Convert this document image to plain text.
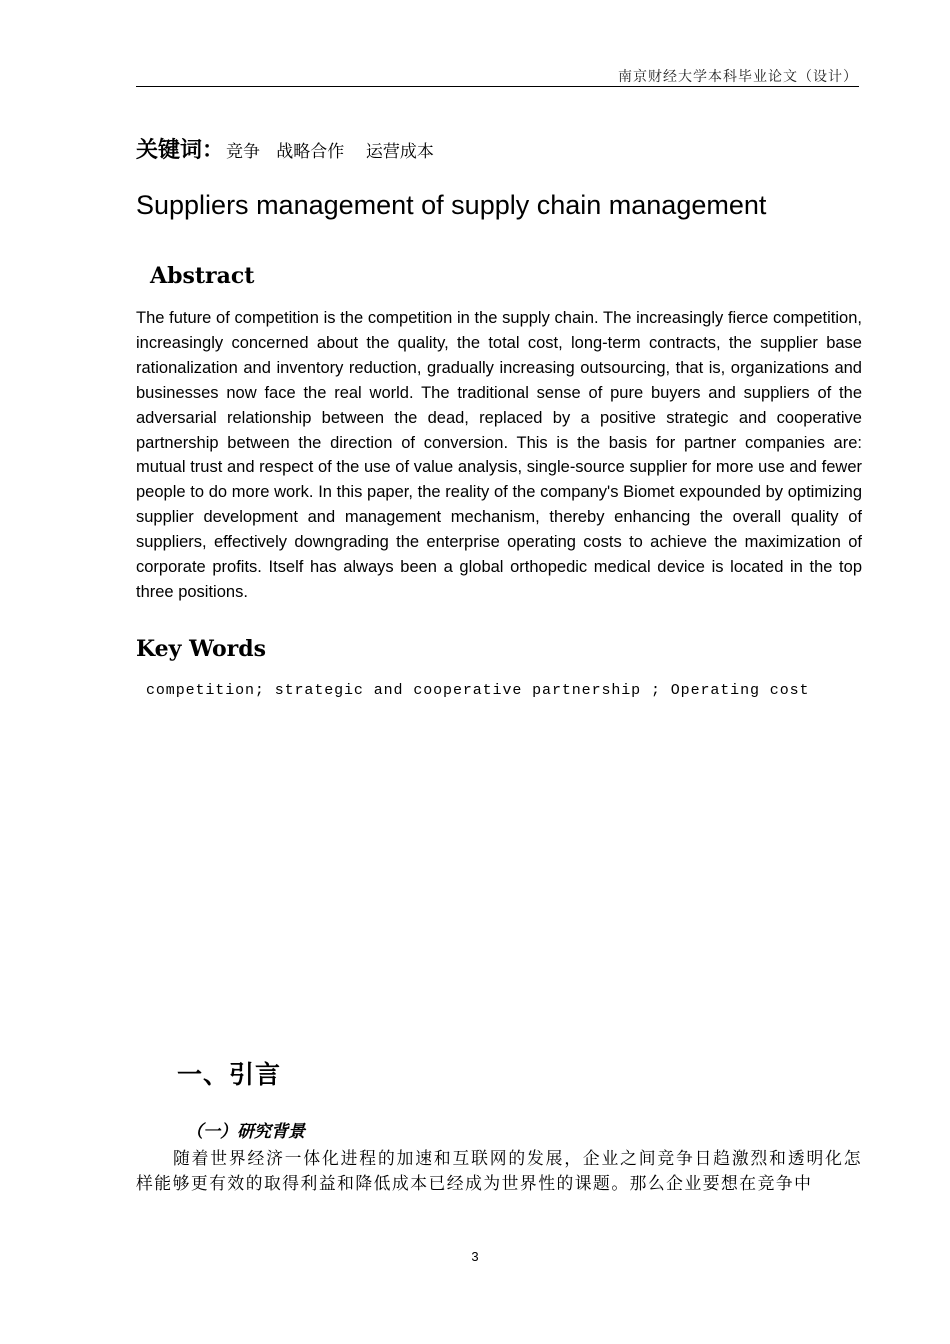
南京财经大学本科毕业论文（设计）
关键词： 竞争   战略合作    运营成本
Suppliers management of supply chain management
Abstract
The future of competition is the competition in the supply chain. The increasingly fierce competition, increasingly concerned about the quality, the total cost, long-term contracts, the supplier base rationalization and inventory reduction, gradually increasing outsourcing, that is, organizations and businesses now face the real world. The traditional sense of pure buyers and suppliers of the adversarial relationship between the dead, replaced by a positive strategic and cooperative partnership between the direction of conversion. This is the basis for partner companies are: mutual trust and respect of the use of value analysis, single-source supplier for more use and fewer people to do more work. In this paper, the reality of the company's Biomet expounded by optimizing supplier development and management mechanism, thereby enhancing the overall quality of suppliers, effectively downgrading the enterprise operating costs to achieve the maximization of corporate profits. Itself has always been a global orthopedic medical device is located in the top three positions.
Key Words
competition; strategic and cooperative partnership ; Operating cost
一、引言
（一）研究背景
随着世界经济一体化进程的加速和互联网的发展，企业之间竞争日趋激烈和透明化怎样能够更有效的取得利益和降低成本已经成为世界性的课题。那么企业要想在竞争中
3
